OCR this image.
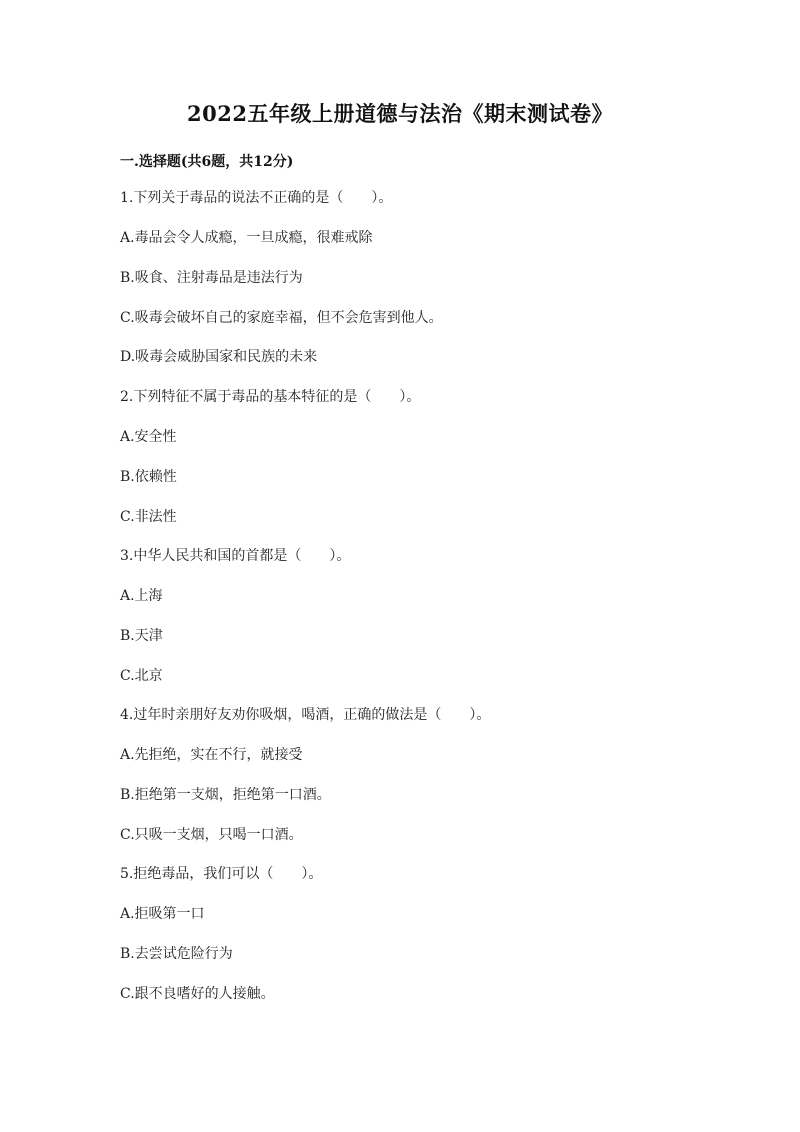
2022五年级上册道德与法治《期末测试卷》
一.选择题(共6题，共12分)
1.下列关于毒品的说法不正确的是（　　）。
A.毒品会令人成瘾，一旦成瘾，很难戒除
B.吸食、注射毒品是违法行为
C.吸毒会破坏自己的家庭幸福，但不会危害到他人。
D.吸毒会威胁国家和民族的未来
2.下列特征不属于毒品的基本特征的是（　　）。
A.安全性
B.依赖性
C.非法性
3.中华人民共和国的首都是（　　）。
A.上海
B.天津
C.北京
4.过年时亲朋好友劝你吸烟，喝酒，正确的做法是（　　）。
A.先拒绝，实在不行，就接受
B.拒绝第一支烟，拒绝第一口酒。
C.只吸一支烟，只喝一口酒。
5.拒绝毒品，我们可以（　　）。
A.拒吸第一口
B.去尝试危险行为
C.跟不良嗜好的人接触。
